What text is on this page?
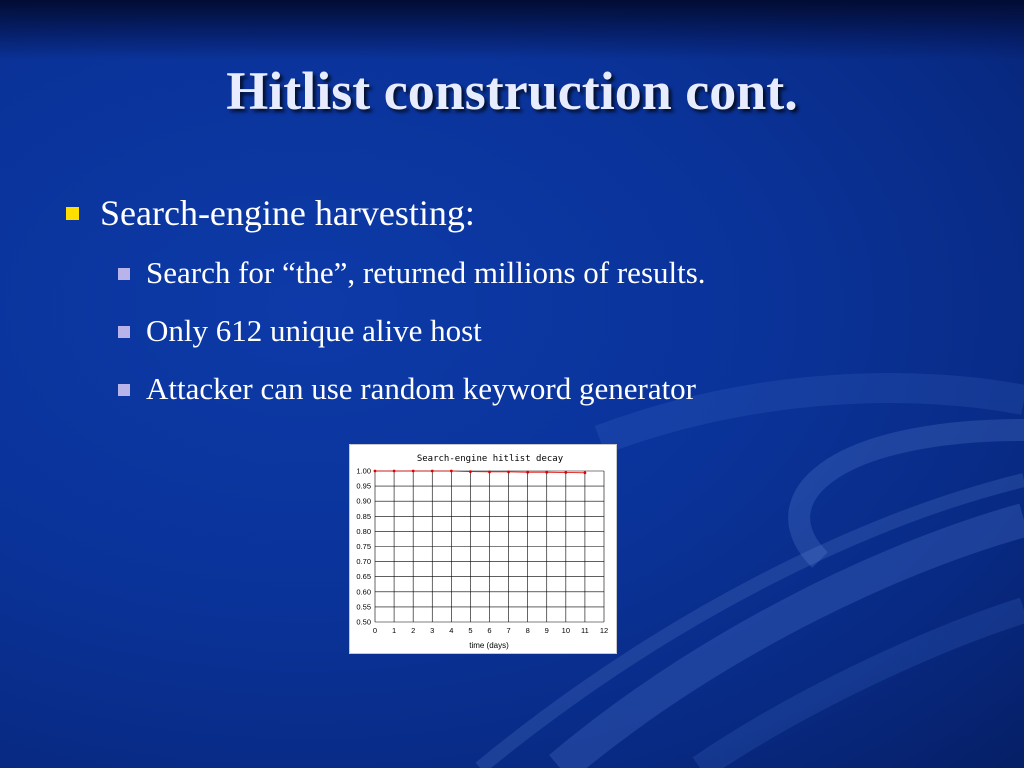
Hitlist construction cont.
Search-engine harvesting:
Search for “the”, returned millions of results.
Only 612 unique alive host
Attacker can use random keyword generator
Search-engine hitlist decay
time (days)
0 1 2 3 4 5 6 7 8 9 10 11 12
1.00
0.95
0.90
0.85
0.80
0.75
0.70
0.65
0.60
0.55
0.50
